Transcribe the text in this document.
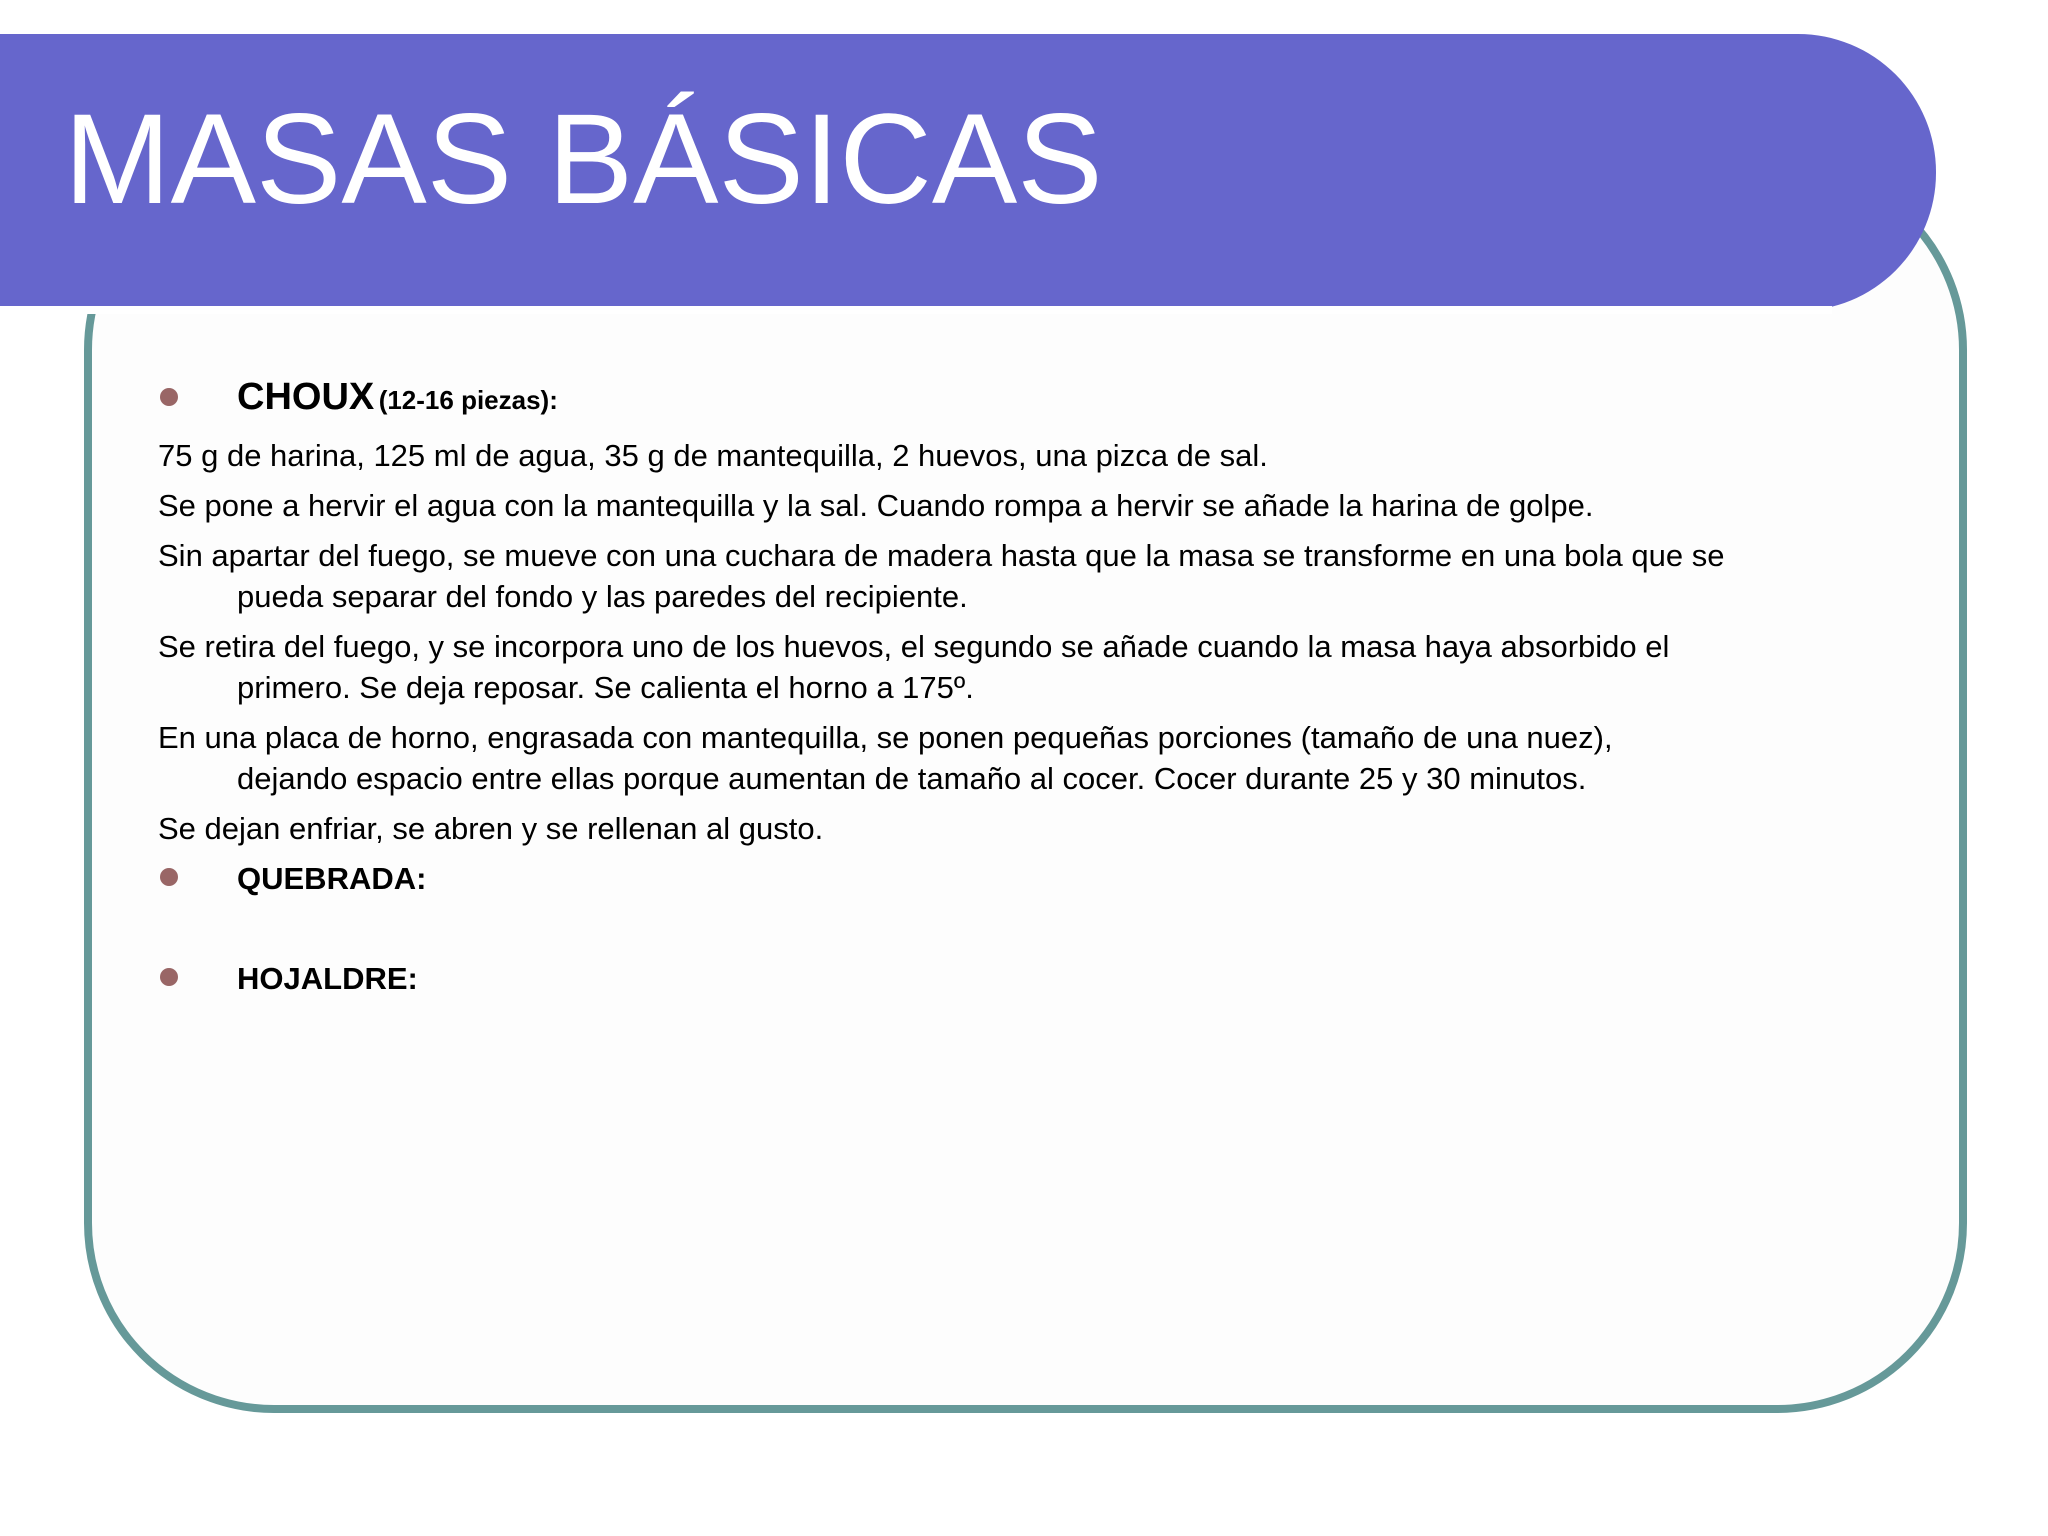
MASAS BÁSICAS

CHOUX (12-16 piezas):

75 g de harina, 125 ml de agua, 35 g de mantequilla, 2 huevos, una pizca de sal.

Se pone a hervir el agua con la mantequilla y la sal. Cuando rompa a hervir se añade la harina de golpe.

Sin apartar del fuego, se mueve con una cuchara de madera hasta que la masa se transforme en una bola que se
pueda separar del fondo y las paredes del recipiente.

Se retira del fuego, y se incorpora uno de los huevos, el segundo se añade cuando la masa haya absorbido el
primero. Se deja reposar. Se calienta el horno a 175º.

En una placa de horno, engrasada con mantequilla, se ponen pequeñas porciones (tamaño de una nuez),
dejando espacio entre ellas porque aumentan de tamaño al cocer. Cocer durante 25 y 30 minutos.

Se dejan enfriar, se abren y se rellenan al gusto.

QUEBRADA:

HOJALDRE:
